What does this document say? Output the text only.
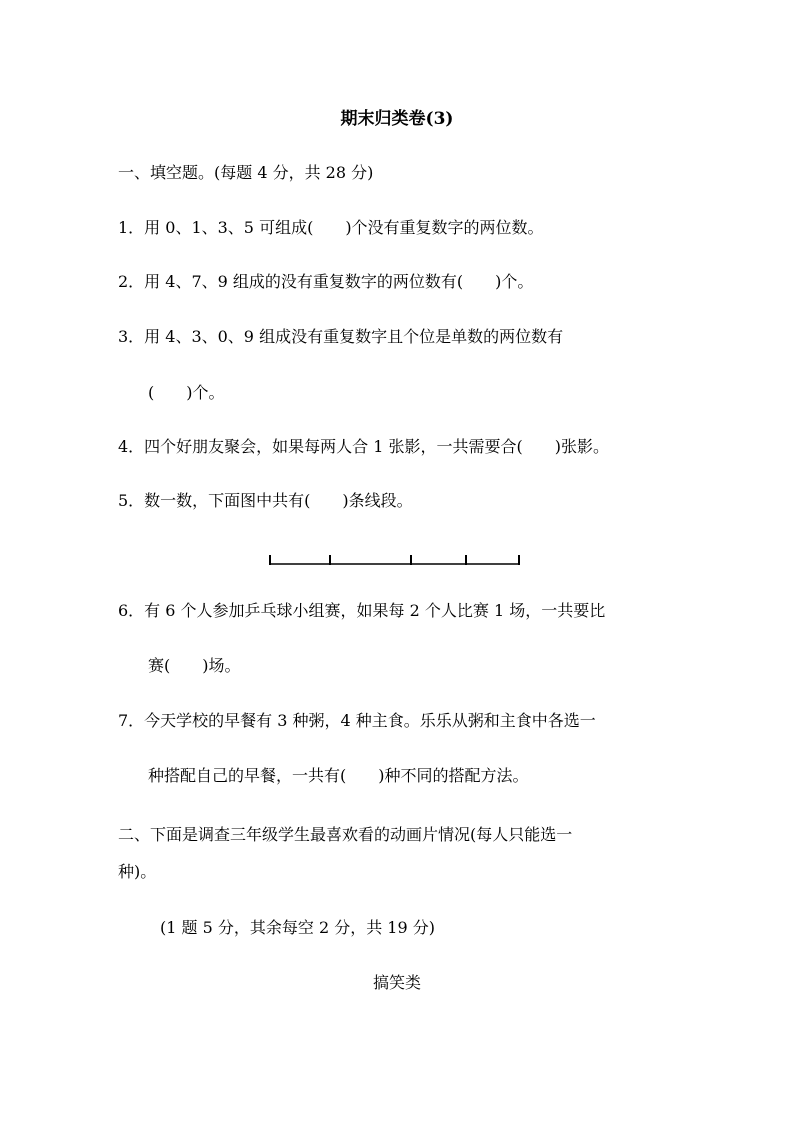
期末归类卷(3)
一、填空题。(每题 4 分，共 28 分)
1．用 0、1、3、5 可组成(　　)个没有重复数字的两位数。
2．用 4、7、9 组成的没有重复数字的两位数有(　　)个。
3．用 4、3、0、9 组成没有重复数字且个位是单数的两位数有
(　　)个。
4．四个好朋友聚会，如果每两人合 1 张影，一共需要合(　　)张影。
5．数一数，下面图中共有(　　)条线段。
6．有 6 个人参加乒乓球小组赛，如果每 2 个人比赛 1 场，一共要比
赛(　　)场。
7．今天学校的早餐有 3 种粥，4 种主食。乐乐从粥和主食中各选一
种搭配自己的早餐，一共有(　　)种不同的搭配方法。
二、下面是调查三年级学生最喜欢看的动画片情况(每人只能选一
种)。
(1 题 5 分，其余每空 2 分，共 19 分)
搞笑类
